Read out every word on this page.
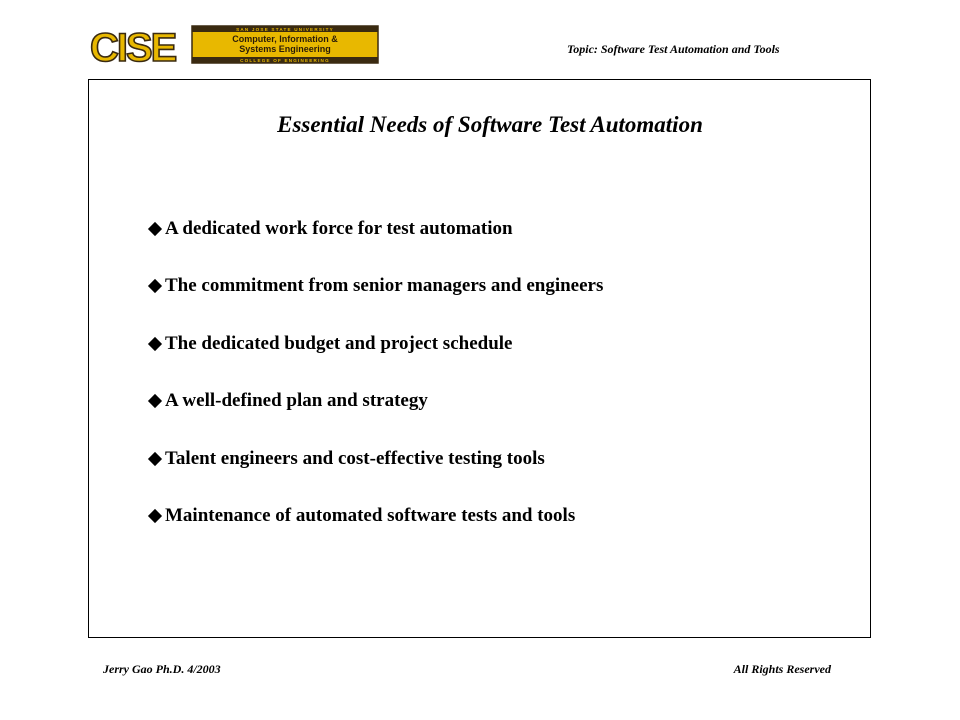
SAN JOSE STATE UNIVERSITY
Computer, Information &
Systems Engineering
COLLEGE OF ENGINEERING
CISE	Topic: Software Test Automation and Tools
Essential Needs of Software Test Automation
A dedicated work force for test automation
The commitment from senior managers and engineers
The dedicated budget and project schedule
A well-defined plan and strategy
Talent engineers and cost-effective testing tools
Maintenance of automated software tests and tools
Jerry Gao Ph.D. 4/2003	All Rights Reserved
